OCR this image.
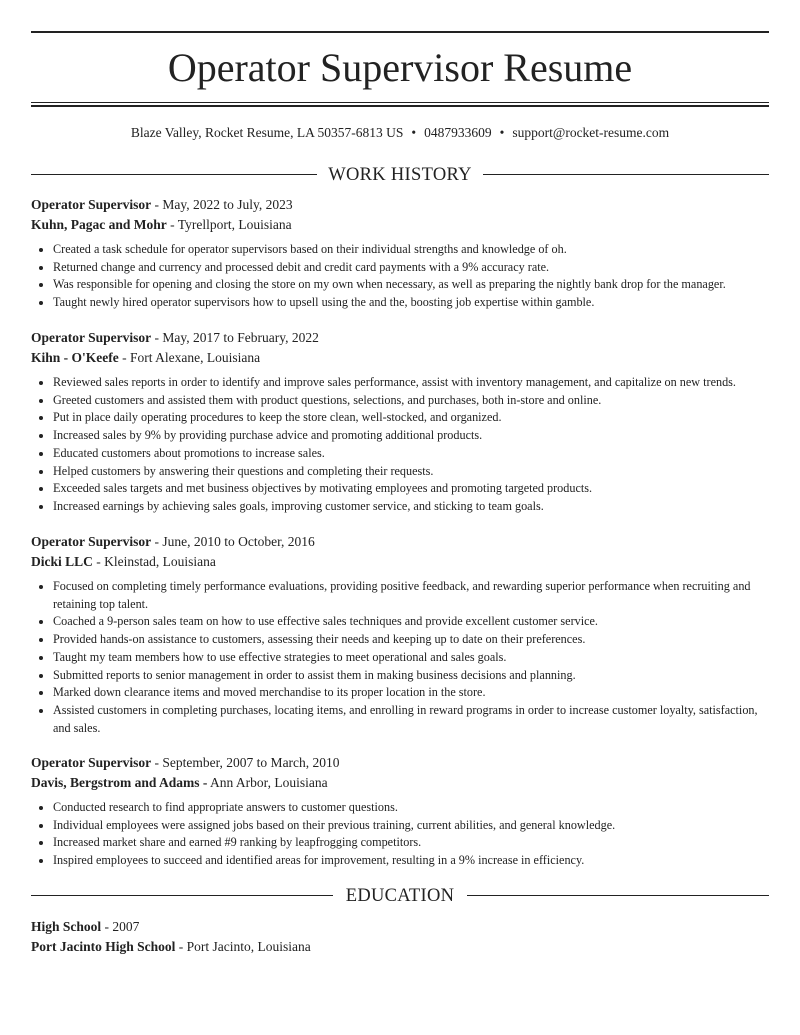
Operator Supervisor Resume
Blaze Valley, Rocket Resume, LA 50357-6813 US • 0487933609 • support@rocket-resume.com
WORK HISTORY
Operator Supervisor - May, 2022 to July, 2023
Kuhn, Pagac and Mohr - Tyrellport, Louisiana
• Created a task schedule for operator supervisors based on their individual strengths and knowledge of oh.
• Returned change and currency and processed debit and credit card payments with a 9% accuracy rate.
• Was responsible for opening and closing the store on my own when necessary, as well as preparing the nightly bank drop for the manager.
• Taught newly hired operator supervisors how to upsell using the and the, boosting job expertise within gamble.
Operator Supervisor - May, 2017 to February, 2022
Kihn - O'Keefe - Fort Alexane, Louisiana
• Reviewed sales reports in order to identify and improve sales performance, assist with inventory management, and capitalize on new trends.
• Greeted customers and assisted them with product questions, selections, and purchases, both in-store and online.
• Put in place daily operating procedures to keep the store clean, well-stocked, and organized.
• Increased sales by 9% by providing purchase advice and promoting additional products.
• Educated customers about promotions to increase sales.
• Helped customers by answering their questions and completing their requests.
• Exceeded sales targets and met business objectives by motivating employees and promoting targeted products.
• Increased earnings by achieving sales goals, improving customer service, and sticking to team goals.
Operator Supervisor - June, 2010 to October, 2016
Dicki LLC - Kleinstad, Louisiana
• Focused on completing timely performance evaluations, providing positive feedback, and rewarding superior performance when recruiting and retaining top talent.
• Coached a 9-person sales team on how to use effective sales techniques and provide excellent customer service.
• Provided hands-on assistance to customers, assessing their needs and keeping up to date on their preferences.
• Taught my team members how to use effective strategies to meet operational and sales goals.
• Submitted reports to senior management in order to assist them in making business decisions and planning.
• Marked down clearance items and moved merchandise to its proper location in the store.
• Assisted customers in completing purchases, locating items, and enrolling in reward programs in order to increase customer loyalty, satisfaction, and sales.
Operator Supervisor - September, 2007 to March, 2010
Davis, Bergstrom and Adams - Ann Arbor, Louisiana
• Conducted research to find appropriate answers to customer questions.
• Individual employees were assigned jobs based on their previous training, current abilities, and general knowledge.
• Increased market share and earned #9 ranking by leapfrogging competitors.
• Inspired employees to succeed and identified areas for improvement, resulting in a 9% increase in efficiency.
EDUCATION
High School - 2007
Port Jacinto High School - Port Jacinto, Louisiana
